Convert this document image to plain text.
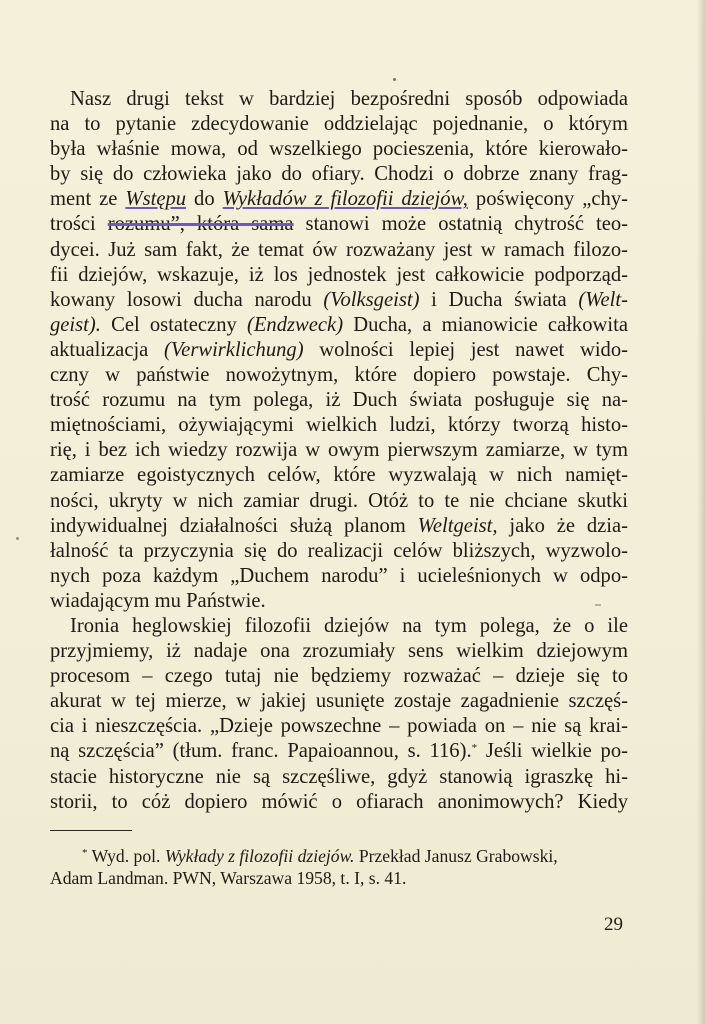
Nasz drugi tekst w bardziej bezpośredni sposób odpowiada
na to pytanie zdecydowanie oddzielając pojednanie, o którym
była właśnie mowa, od wszelkiego pocieszenia, które kierowało-
by się do człowieka jako do ofiary. Chodzi o dobrze znany frag-
ment ze Wstępu do Wykładów z filozofii dziejów, poświęcony „chy-
trości rozumu”, która sama stanowi może ostatnią chytrość teo-
dycei. Już sam fakt, że temat ów rozważany jest w ramach filozo-
fii dziejów, wskazuje, iż los jednostek jest całkowicie podporząd-
kowany losowi ducha narodu (Volksgeist) i Ducha świata (Welt-
geist). Cel ostateczny (Endzweck) Ducha, a mianowicie całkowita
aktualizacja (Verwirklichung) wolności lepiej jest nawet wido-
czny w państwie nowożytnym, które dopiero powstaje. Chy-
trość rozumu na tym polega, iż Duch świata posługuje się na-
miętnościami, ożywiającymi wielkich ludzi, którzy tworzą histo-
rię, i bez ich wiedzy rozwija w owym pierwszym zamiarze, w tym
zamiarze egoistycznych celów, które wyzwalają w nich namięt-
ności, ukryty w nich zamiar drugi. Otóż to te nie chciane skutki
indywidualnej działalności służą planom Weltgeist, jako że dzia-
łalność ta przyczynia się do realizacji celów bliższych, wyzwolo-
nych poza każdym „Duchem narodu” i ucieleśnionych w odpo-
wiadającym mu Państwie.
Ironia heglowskiej filozofii dziejów na tym polega, że o ile
przyjmiemy, iż nadaje ona zrozumiały sens wielkim dziejowym
procesom – czego tutaj nie będziemy rozważać – dzieje się to
akurat w tej mierze, w jakiej usunięte zostaje zagadnienie szczęś-
cia i nieszczęścia. „Dzieje powszechne – powiada on – nie są krai-
ną szczęścia” (tłum. franc. Papaioannou, s. 116).* Jeśli wielkie po-
stacie historyczne nie są szczęśliwe, gdyż stanowią igraszkę hi-
storii, to cóż dopiero mówić o ofiarach anonimowych? Kiedy
* Wyd. pol. Wykłady z filozofii dziejów. Przekład Janusz Grabowski,
Adam Landman. PWN, Warszawa 1958, t. I, s. 41.
29
